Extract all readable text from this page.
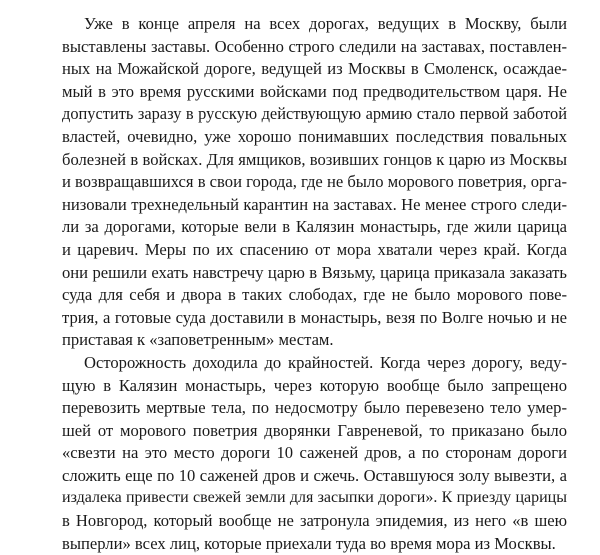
Уже в конце апреля на всех дорогах, ведущих в Москву, были
выставлены заставы. Особенно строго следили на заставах, поставлен-
ных на Можайской дороге, ведущей из Москвы в Смоленск, осаждае-
мый в это время русскими войсками под предводительством царя. Не
допустить заразу в русскую действующую армию стало первой заботой
властей, очевидно, уже хорошо понимавших последствия повальных
болезней в войсках. Для ямщиков, возивших гонцов к царю из Москвы
и возвращавшихся в свои города, где не было морового поветрия, орга-
низовали трехнедельный карантин на заставах. Не менее строго следи-
ли за дорогами, которые вели в Калязин монастырь, где жили царица
и царевич. Меры по их спасению от мора хватали через край. Когда
они решили ехать навстречу царю в Вязьму, царица приказала заказать
суда для себя и двора в таких слободах, где не было морового пове-
трия, а готовые суда доставили в монастырь, везя по Волге ночью и не
приставая к «заповетренным» местам.
Осторожность доходила до крайностей. Когда через дорогу, веду-
щую в Калязин монастырь, через которую вообще было запрещено
перевозить мертвые тела, по недосмотру было перевезено тело умер-
шей от морового поветрия дворянки Гавреневой, то приказано было
«свезти на это место дороги 10 саженей дров, а по сторонам дороги
сложить еще по 10 саженей дров и сжечь. Оставшуюся золу вывезти, а
издалека привести свежей земли для засыпки дороги». К приезду царицы
в Новгород, который вообще не затронула эпидемия, из него «в шею
выперли» всех лиц, которые приехали туда во время мора из Москвы.
